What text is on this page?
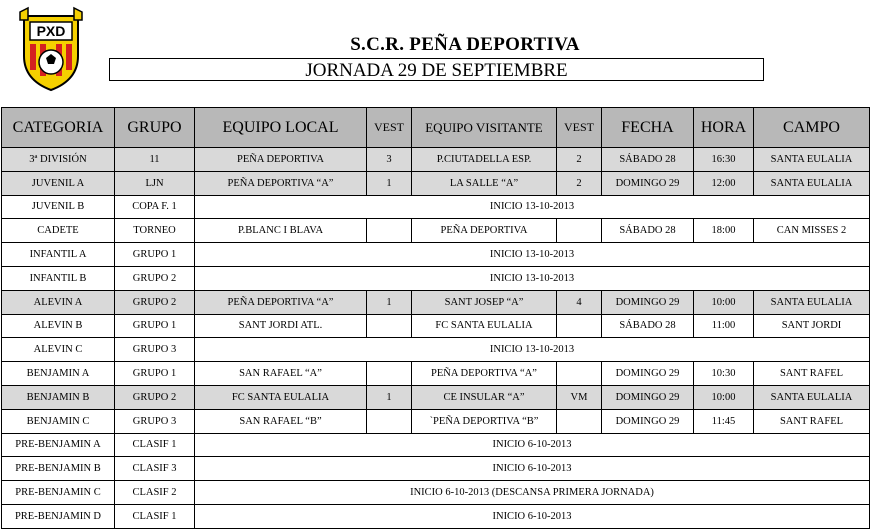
PXD
S.C.R. PEÑA DEPORTIVA
JORNADA 29 DE SEPTIEMBRE
CATEGORIA	GRUPO	EQUIPO LOCAL	VEST	EQUIPO VISITANTE	VEST	FECHA	HORA	CAMPO
3ª DIVISIÓN	11	PEÑA DEPORTIVA	3	P.CIUTADELLA ESP.	2	SÁBADO 28	16:30	SANTA EULALIA
JUVENIL A	LJN	PEÑA DEPORTIVA “A”	1	LA SALLE “A”	2	DOMINGO 29	12:00	SANTA EULALIA
JUVENIL B	COPA F. 1	INICIO 13-10-2013						
CADETE	TORNEO	P.BLANC I BLAVA		PEÑA DEPORTIVA		SÁBADO 28	18:00	CAN MISSES 2
INFANTIL A	GRUPO 1	INICIO 13-10-2013						
INFANTIL B	GRUPO 2	INICIO 13-10-2013						
ALEVIN A	GRUPO 2	PEÑA DEPORTIVA “A”	1	SANT JOSEP “A”	4	DOMINGO 29	10:00	SANTA EULALIA
ALEVIN B	GRUPO 1	SANT JORDI ATL.		FC SANTA EULALIA		SÁBADO 28	11:00	SANT JORDI
ALEVIN C	GRUPO 3	INICIO 13-10-2013						
BENJAMIN A	GRUPO 1	SAN RAFAEL “A”		PEÑA DEPORTIVA “A”		DOMINGO 29	10:30	SANT RAFEL
BENJAMIN B	GRUPO 2	FC SANTA EULALIA	1	CE INSULAR “A”	VM	DOMINGO 29	10:00	SANTA EULALIA
BENJAMIN C	GRUPO 3	SAN RAFAEL “B”		`PEÑA DEPORTIVA “B”		DOMINGO 29	11:45	SANT RAFEL
PRE-BENJAMIN A	CLASIF 1	INICIO 6-10-2013						
PRE-BENJAMIN B	CLASIF 3	INICIO 6-10-2013						
PRE-BENJAMIN C	CLASIF 2	INICIO 6-10-2013 (DESCANSA PRIMERA JORNADA)						
PRE-BENJAMIN D	CLASIF 1	INICIO 6-10-2013						
